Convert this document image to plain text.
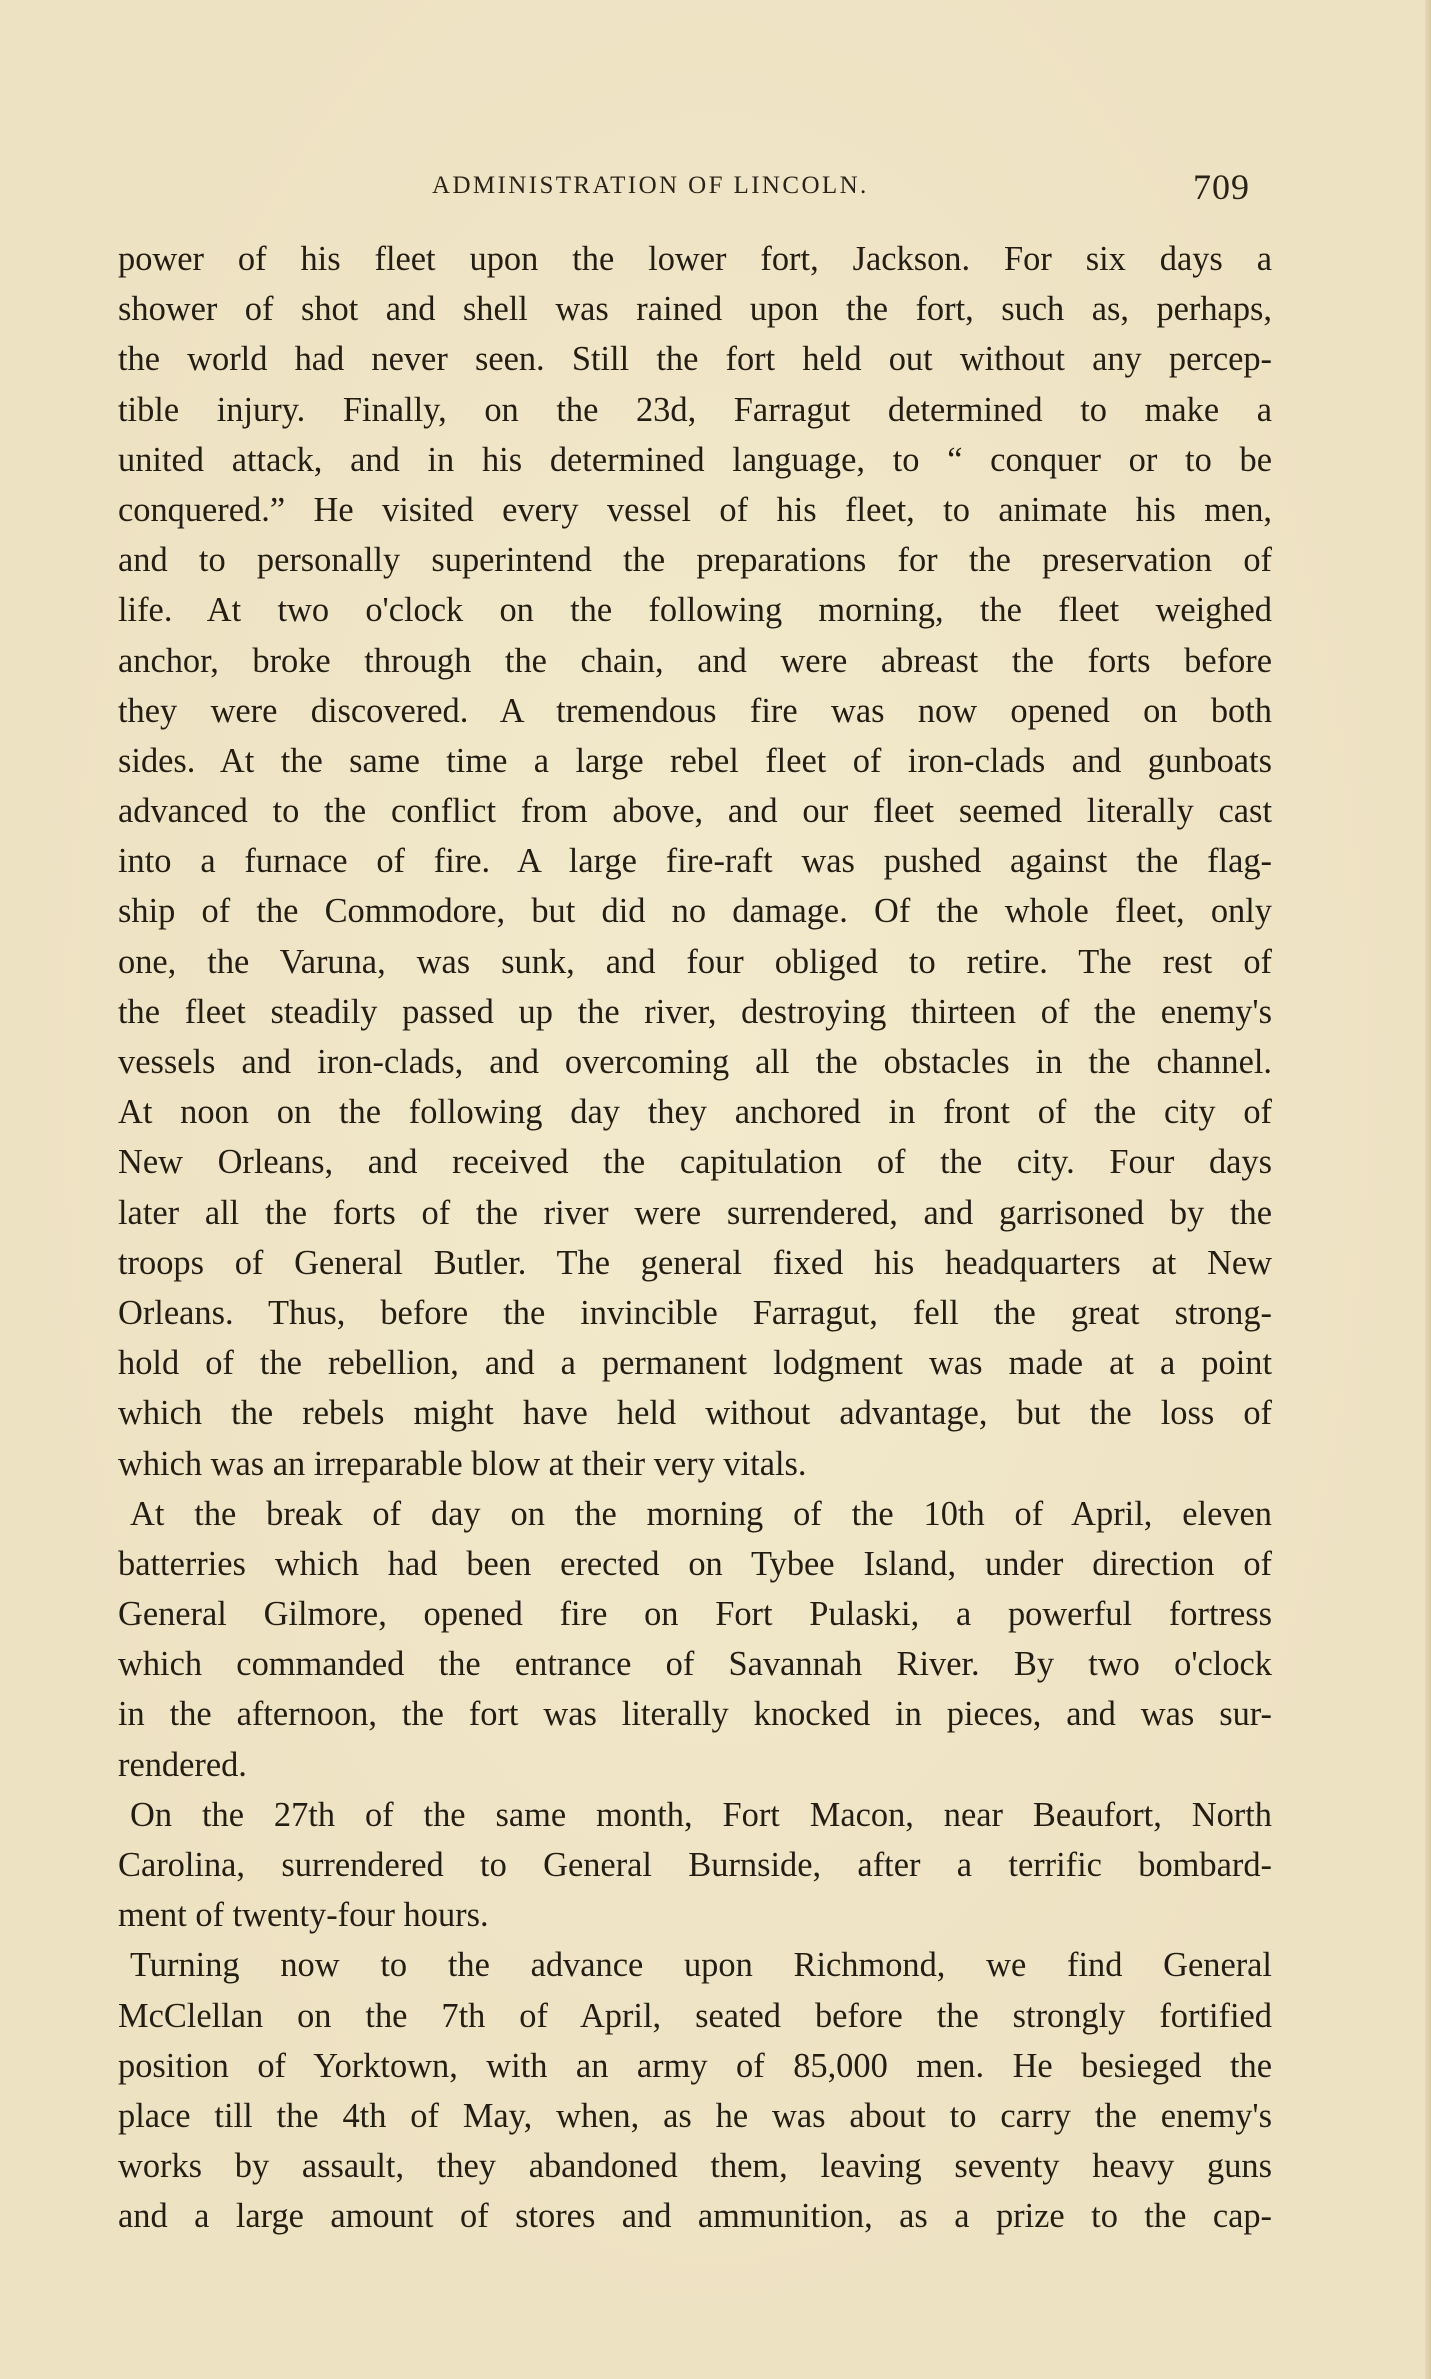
ADMINISTRATION OF LINCOLN.	709
power of his fleet upon the lower fort, Jackson. For six days a
shower of shot and shell was rained upon the fort, such as, perhaps,
the world had never seen. Still the fort held out without any percep-
tible injury. Finally, on the 23d, Farragut determined to make a
united attack, and in his determined language, to “ conquer or to be
conquered.” He visited every vessel of his fleet, to animate his men,
and to personally superintend the preparations for the preservation of
life. At two o'clock on the following morning, the fleet weighed
anchor, broke through the chain, and were abreast the forts before
they were discovered. A tremendous fire was now opened on both
sides. At the same time a large rebel fleet of iron-clads and gunboats
advanced to the conflict from above, and our fleet seemed literally cast
into a furnace of fire. A large fire-raft was pushed against the flag-
ship of the Commodore, but did no damage. Of the whole fleet, only
one, the Varuna, was sunk, and four obliged to retire. The rest of
the fleet steadily passed up the river, destroying thirteen of the enemy's
vessels and iron-clads, and overcoming all the obstacles in the channel.
At noon on the following day they anchored in front of the city of
New Orleans, and received the capitulation of the city. Four days
later all the forts of the river were surrendered, and garrisoned by the
troops of General Butler. The general fixed his headquarters at New
Orleans. Thus, before the invincible Farragut, fell the great strong-
hold of the rebellion, and a permanent lodgment was made at a point
which the rebels might have held without advantage, but the loss of
which was an irreparable blow at their very vitals.
At the break of day on the morning of the 10th of April, eleven
batterries which had been erected on Tybee Island, under direction of
General Gilmore, opened fire on Fort Pulaski, a powerful fortress
which commanded the entrance of Savannah River. By two o'clock
in the afternoon, the fort was literally knocked in pieces, and was sur-
rendered.
On the 27th of the same month, Fort Macon, near Beaufort, North
Carolina, surrendered to General Burnside, after a terrific bombard-
ment of twenty-four hours.
Turning now to the advance upon Richmond, we find General
McClellan on the 7th of April, seated before the strongly fortified
position of Yorktown, with an army of 85,000 men. He besieged the
place till the 4th of May, when, as he was about to carry the enemy's
works by assault, they abandoned them, leaving seventy heavy guns
and a large amount of stores and ammunition, as a prize to the cap-
